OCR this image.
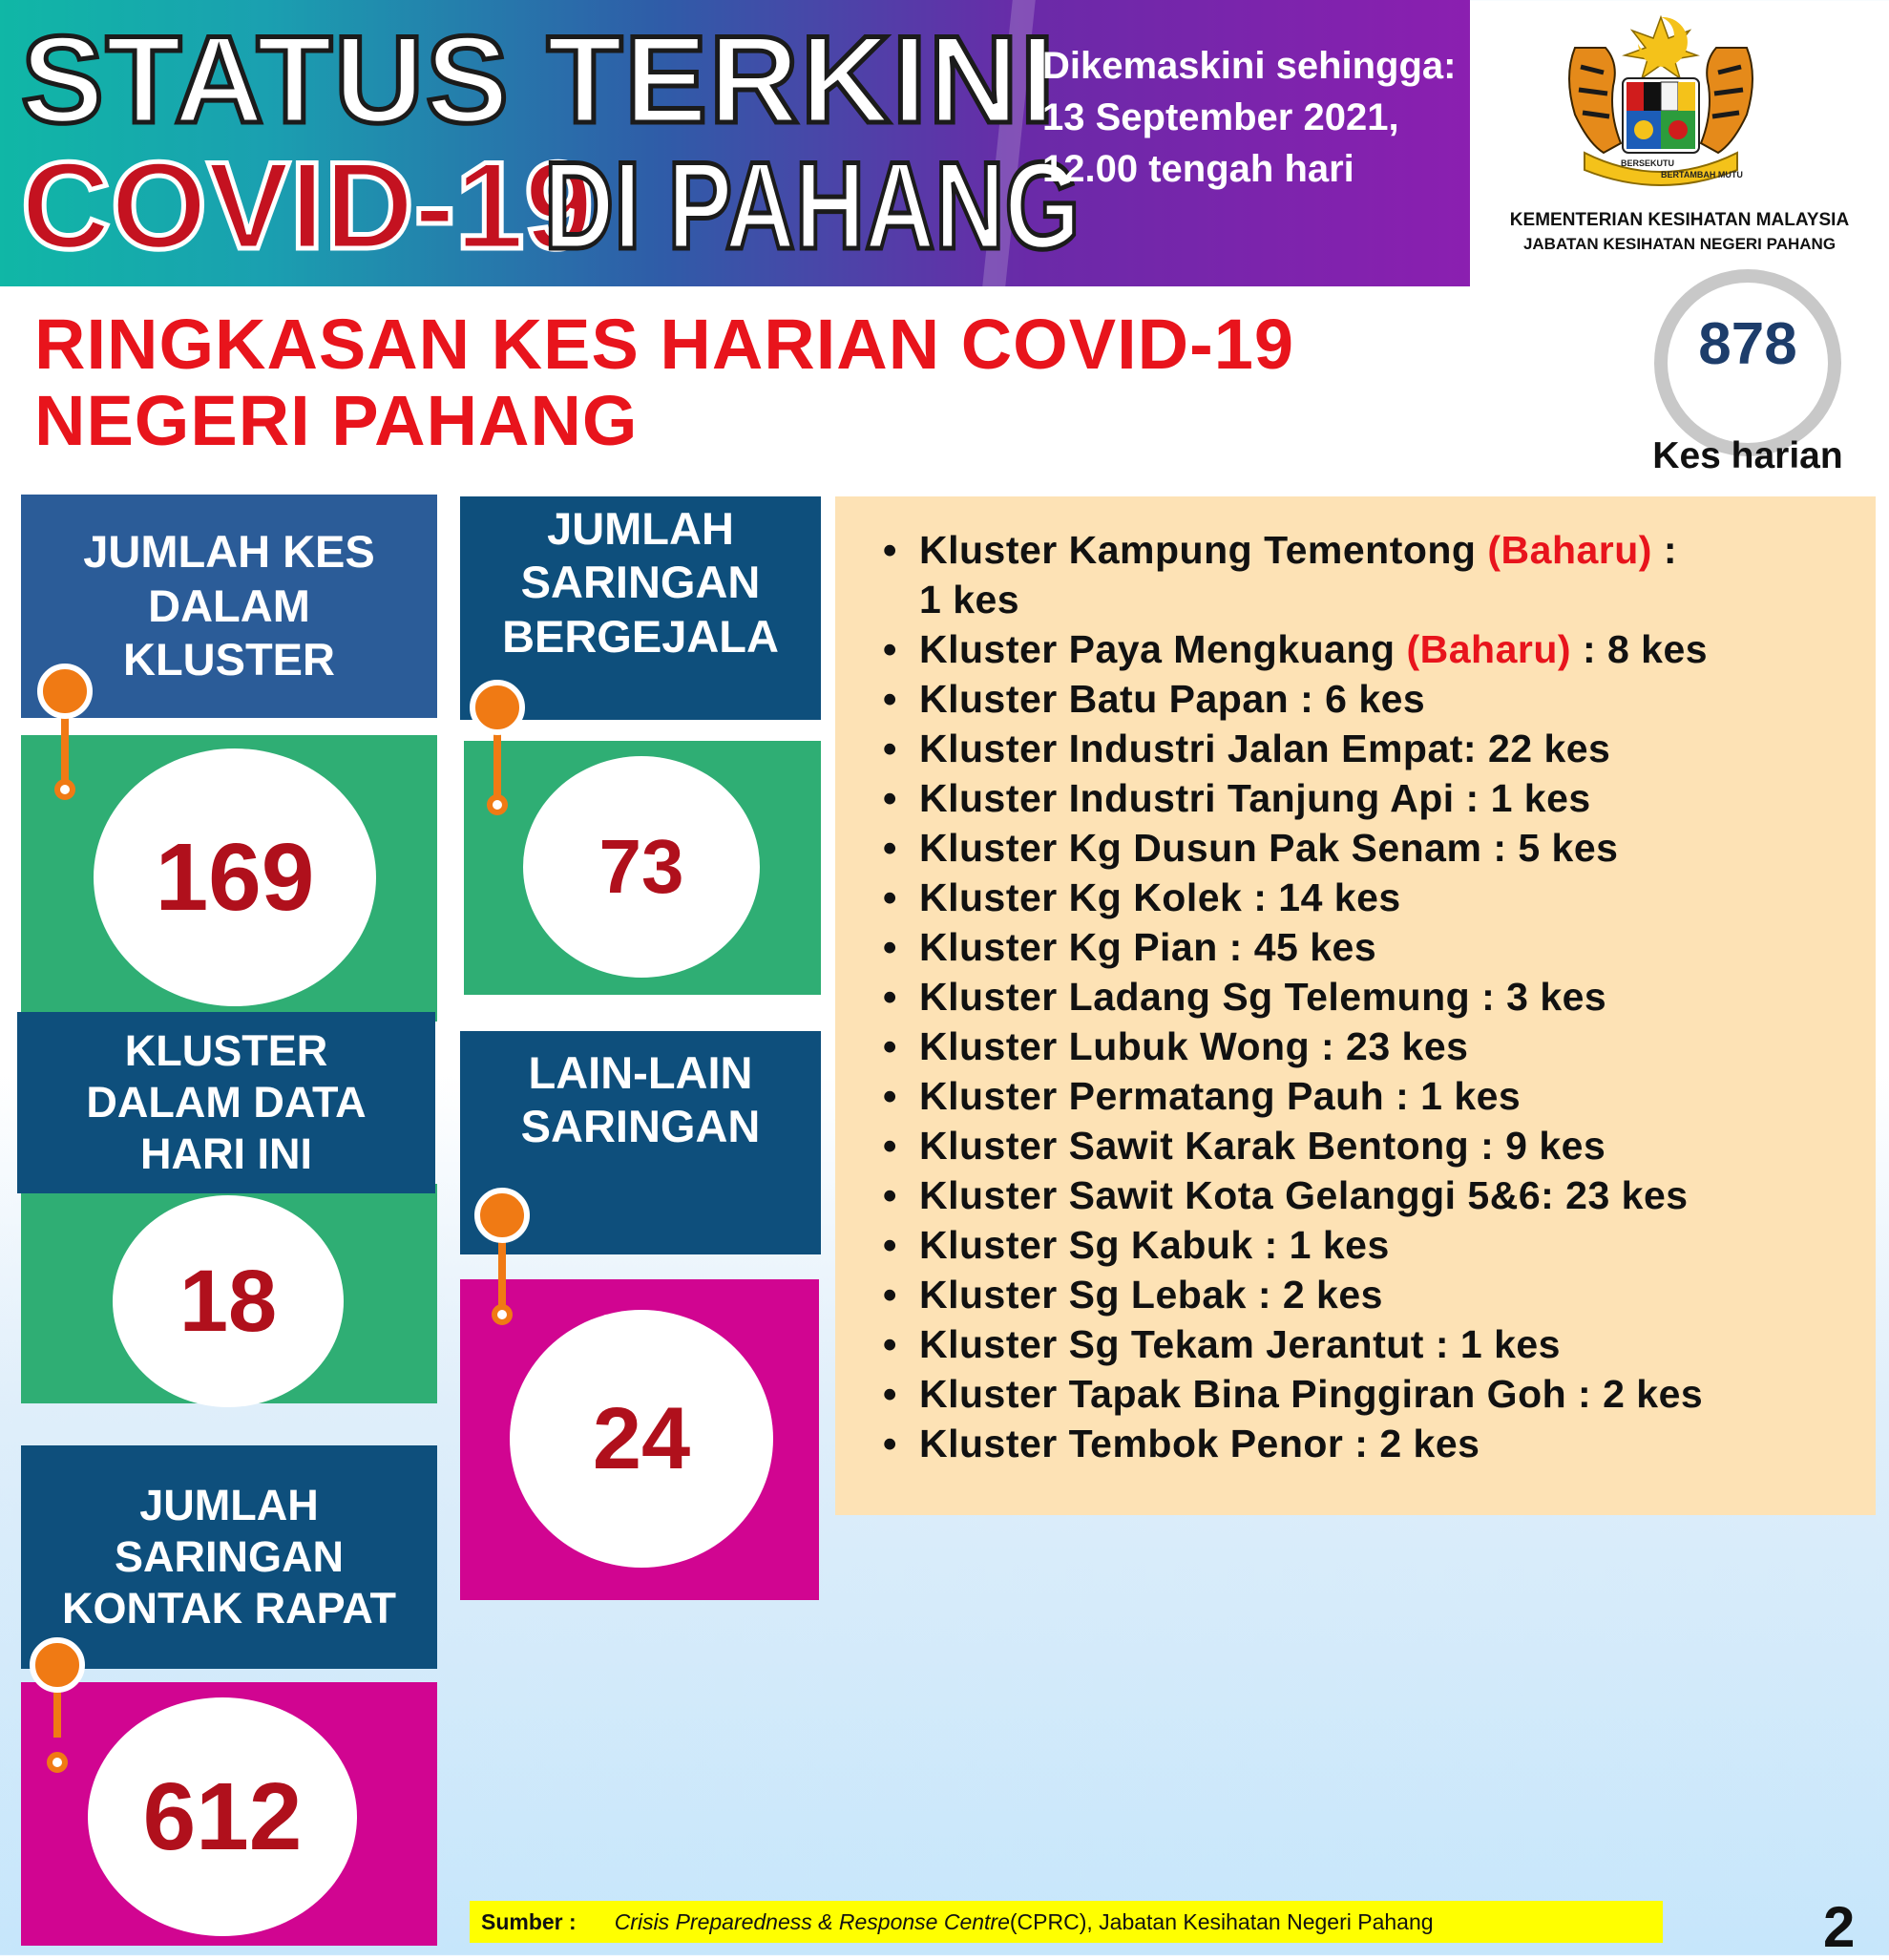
STATUS TERKINI
COVID-19
DI PAHANG
Dikemaskini sehingga:
13 September 2021,
12.00 tengah hari	BERSEKUTU
BERTAMBAH MUTU
KEMENTERIAN KESIHATAN MALAYSIA
JABATAN KESIHATAN NEGERI PAHANG
RINGKASAN KES HARIAN COVID-19
NEGERI PAHANG
878
Kes harian
JUMLAH KES
DALAM
KLUSTER
169
KLUSTER
DALAM DATA
HARI INI
18
JUMLAH
SARINGAN
KONTAK RAPAT
612
JUMLAH
SARINGAN
BERGEJALA
73
LAIN-LAIN
SARINGAN
24
• Kluster Kampung Tementong (Baharu) :
1 kes
• Kluster Paya Mengkuang (Baharu) : 8 kes
• Kluster Batu Papan : 6 kes
• Kluster Industri Jalan Empat: 22 kes
• Kluster Industri Tanjung Api : 1 kes
• Kluster Kg Dusun Pak Senam : 5 kes
• Kluster Kg Kolek : 14 kes
• Kluster Kg Pian : 45 kes
• Kluster Ladang Sg Telemung : 3 kes
• Kluster Lubuk Wong : 23 kes
• Kluster Permatang Pauh : 1 kes
• Kluster Sawit Karak Bentong : 9 kes
• Kluster Sawit Kota Gelanggi 5&6: 23 kes
• Kluster Sg Kabuk : 1 kes
• Kluster Sg Lebak : 2 kes
• Kluster Sg Tekam Jerantut : 1 kes
• Kluster Tapak Bina Pinggiran Goh : 2 kes
• Kluster Tembok Penor : 2 kes
Sumber : Crisis Preparedness & Response Centre (CPRC), Jabatan Kesihatan Negeri Pahang	2
